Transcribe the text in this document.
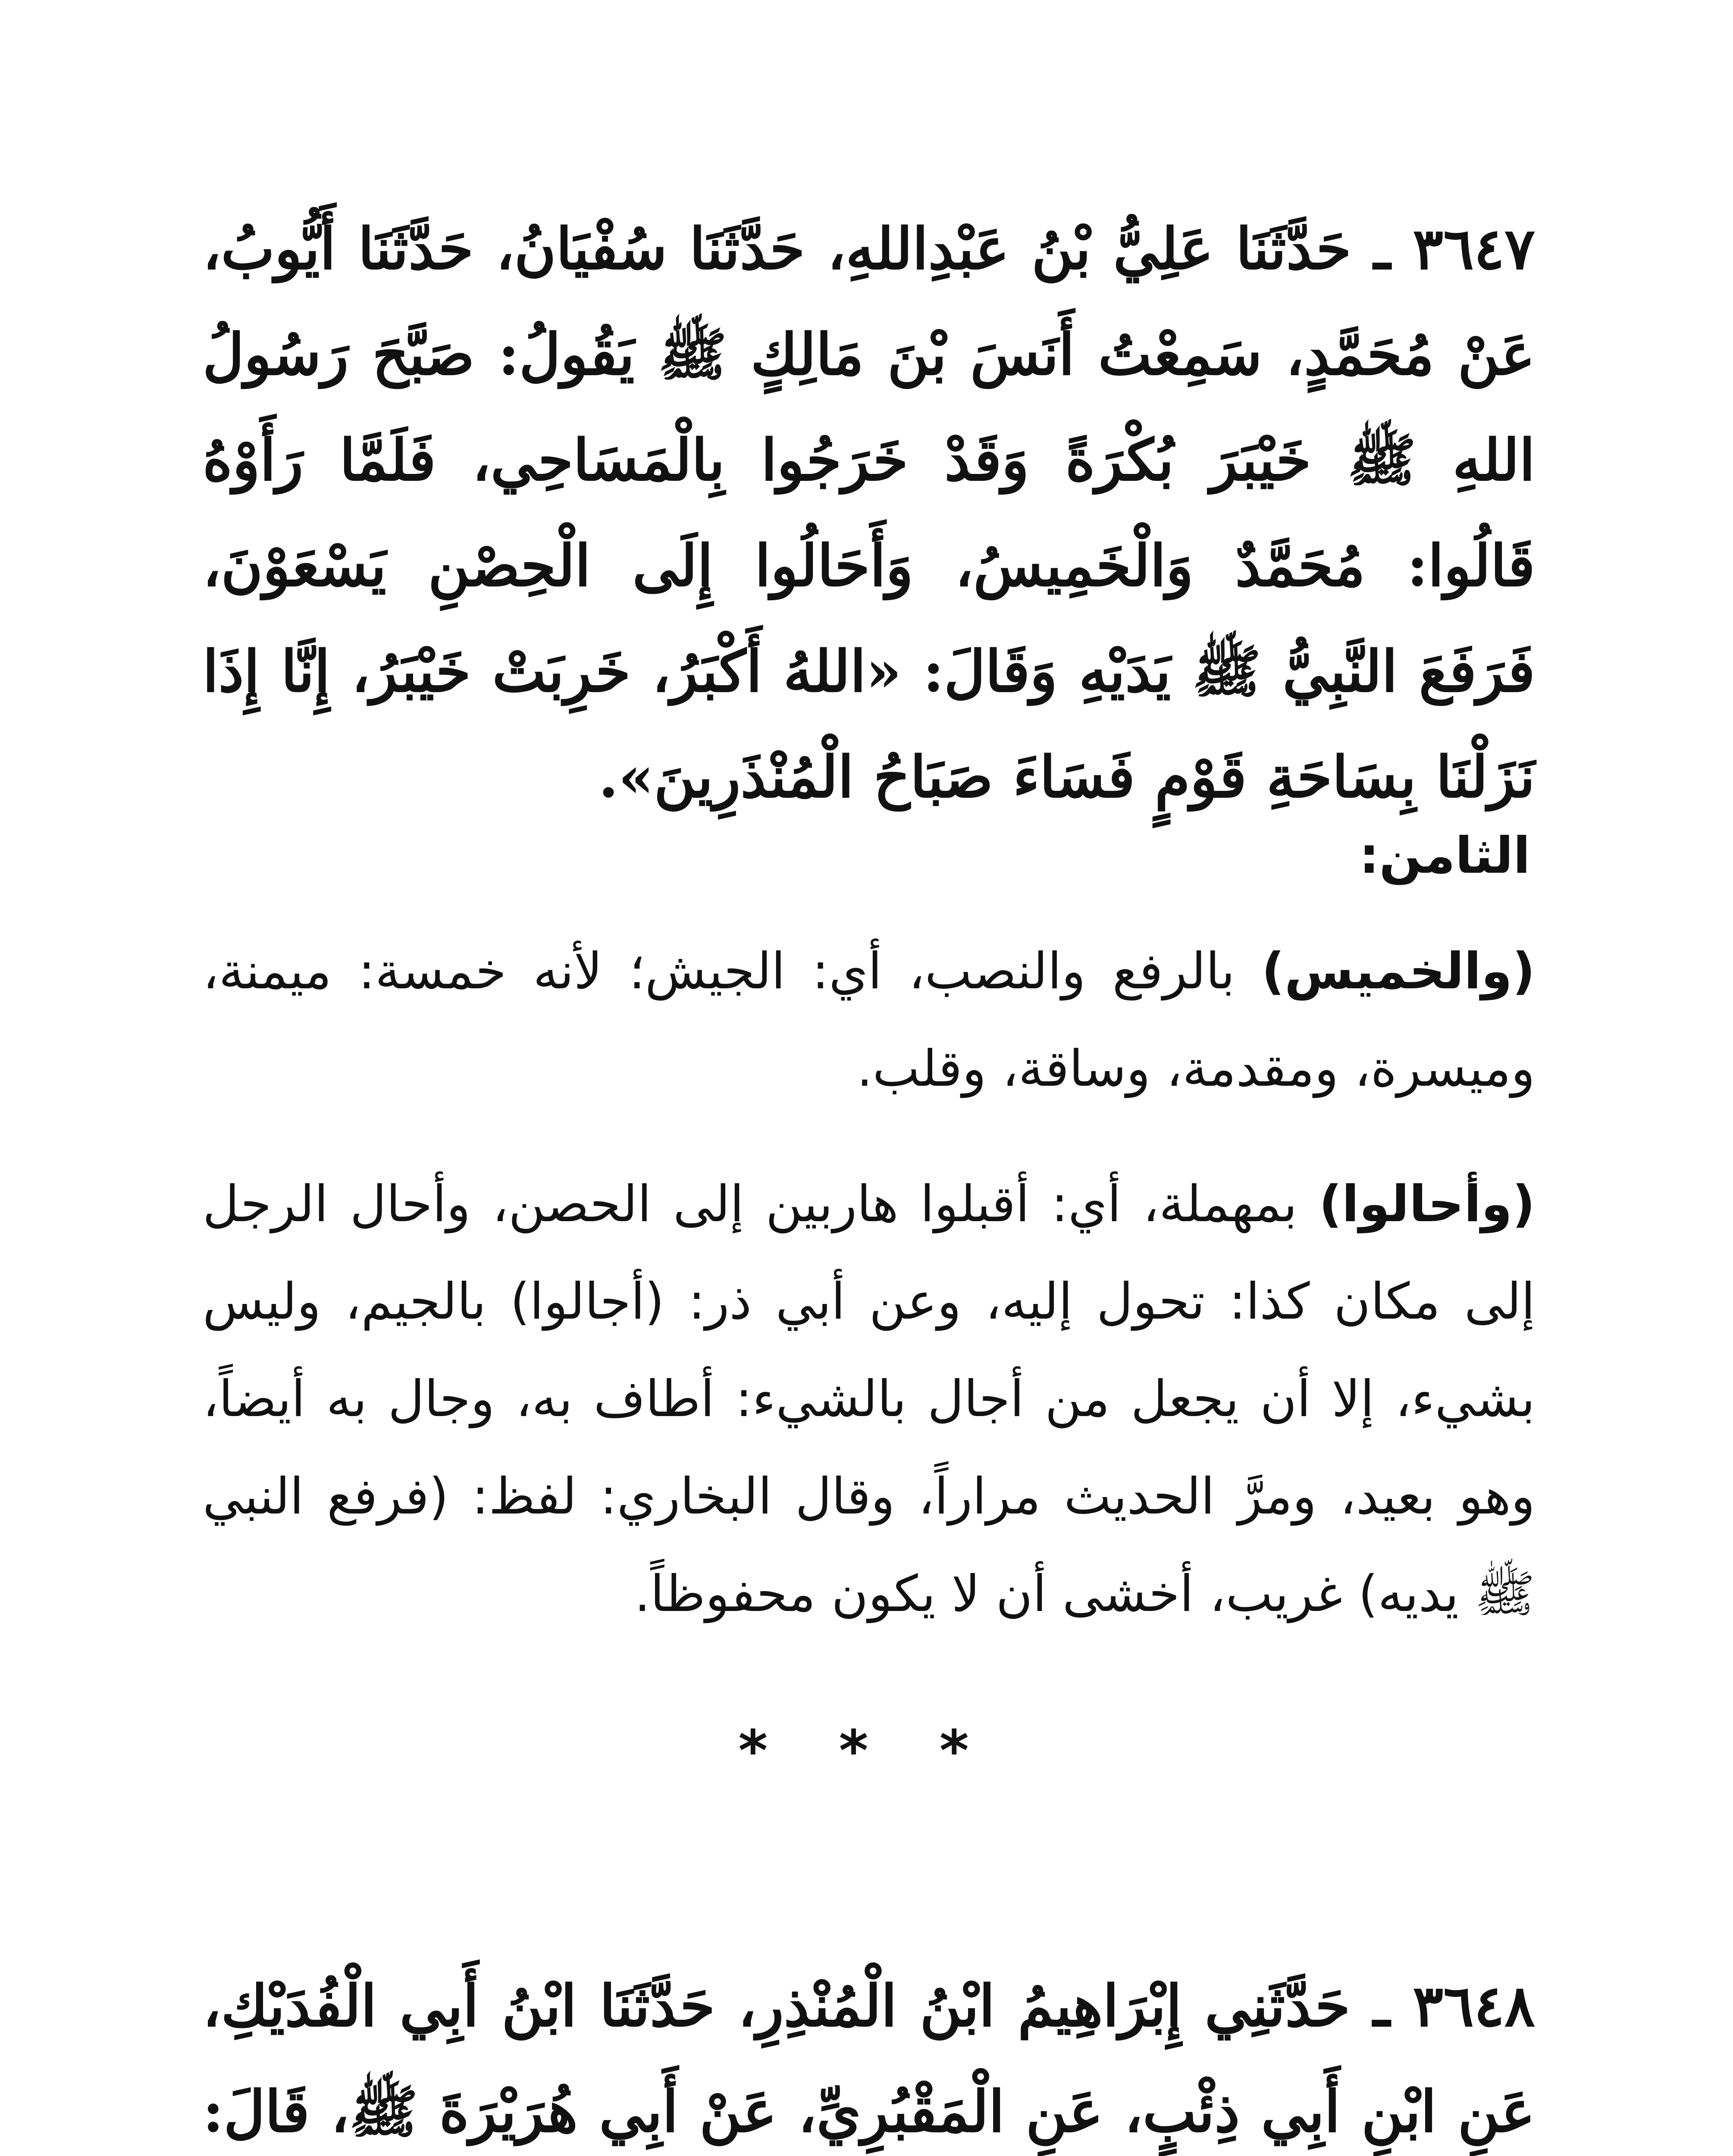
٣٦٤٧ ـ حَدَّثَنَا عَلِيُّ بْنُ عَبْدِاللهِ، حَدَّثَنَا سُفْيَانُ، حَدَّثَنَا أَيُّوبُ، عَنْ مُحَمَّدٍ، سَمِعْتُ أَنَسَ بْنَ مَالِكٍ ﷺ يَقُولُ: صَبَّحَ رَسُولُ اللهِ ﷺ خَيْبَرَ بُكْرَةً وَقَدْ خَرَجُوا بِالْمَسَاحِي، فَلَمَّا رَأَوْهُ قَالُوا: مُحَمَّدٌ وَالْخَمِيسُ، وَأَحَالُوا إِلَى الْحِصْنِ يَسْعَوْنَ، فَرَفَعَ النَّبِيُّ ﷺ يَدَيْهِ وَقَالَ: «اللهُ أَكْبَرُ، خَرِبَتْ خَيْبَرُ، إِنَّا إِذَا نَزَلْنَا بِسَاحَةِ قَوْمٍ فَسَاءَ صَبَاحُ الْمُنْذَرِينَ».

الثامن:

(والخميس) بالرفع والنصب، أي: الجيش؛ لأنه خمسة: ميمنة، وميسرة، ومقدمة، وساقة، وقلب.

(وأحالوا) بمهملة، أي: أقبلوا هاربين إلى الحصن، وأحال الرجل إلى مكان كذا: تحول إليه، وعن أبي ذر: (أجالوا) بالجيم، وليس بشيء، إلا أن يجعل من أجال بالشيء: أطاف به، وجال به أيضاً، وهو بعيد، ومرَّ الحديث مراراً، وقال البخاري: لفظ: (فرفع النبي ﷺ يديه) غريب، أخشى أن لا يكون محفوظاً.

* * *

٣٦٤٨ ـ حَدَّثَنِي إِبْرَاهِيمُ ابْنُ الْمُنْذِرِ، حَدَّثَنَا ابْنُ أَبِي الْفُدَيْكِ، عَنِ ابْنِ أَبِي ذِئْبٍ، عَنِ الْمَقْبُرِيِّ، عَنْ أَبِي هُرَيْرَةَ ﷺ، قَالَ:
